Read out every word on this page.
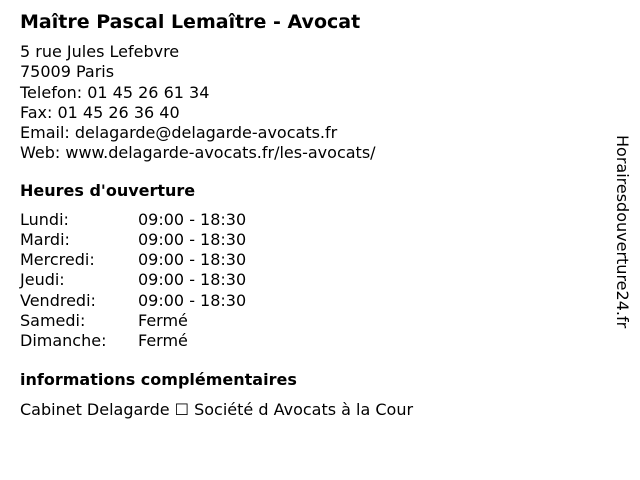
Maître Pascal Lemaître - Avocat
5 rue Jules Lefebvre
75009 Paris
Telefon: 01 45 26 61 34
Fax: 01 45 26 36 40
Email: delagarde@delagarde-avocats.fr
Web: www.delagarde-avocats.fr/les-avocats/
Heures d'ouverture
Lundi:	09:00 - 18:30
Mardi:	09:00 - 18:30
Mercredi:	09:00 - 18:30
Jeudi:	09:00 - 18:30
Vendredi:	09:00 - 18:30
Samedi:	Fermé
Dimanche:	Fermé
informations complémentaires
Cabinet Delagarde ☐ Société d Avocats à la Cour
Horairesdouverture24.fr
